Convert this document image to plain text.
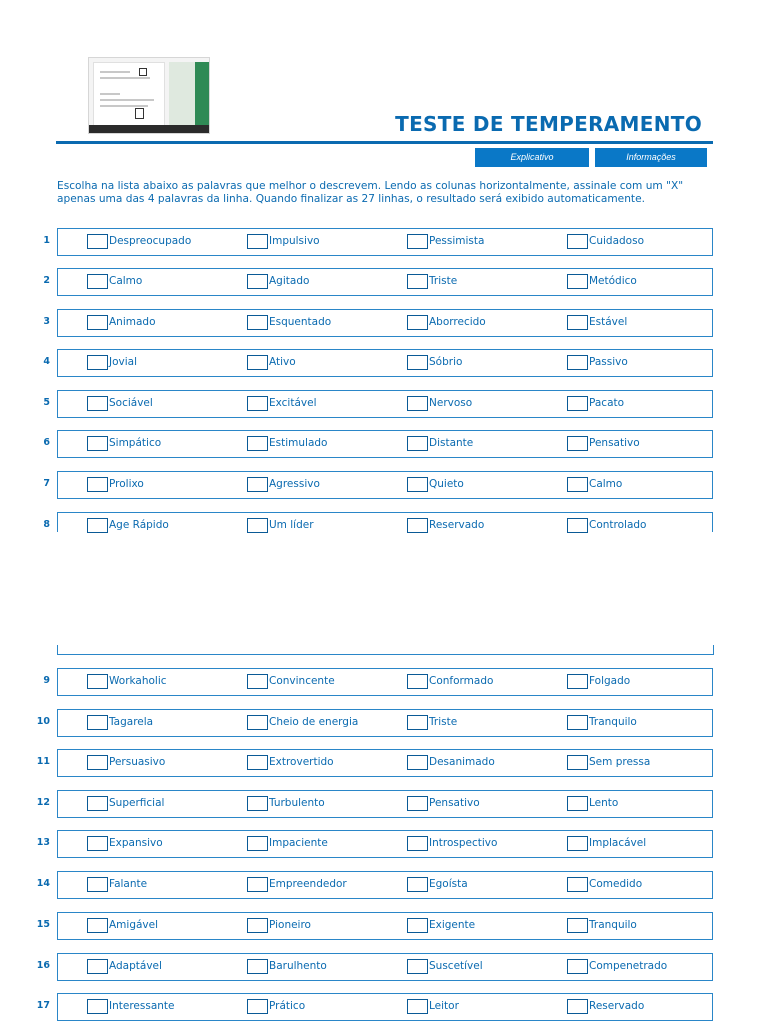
TESTE DE TEMPERAMENTO
Explicativo	Informações
Escolha na lista abaixo as palavras que melhor o descrevem. Lendo as colunas horizontalmente, assinale com um "X" apenas uma das 4 palavras da linha. Quando finalizar as 27 linhas, o resultado será exibido automaticamente.
1	Despreocupado	Impulsivo	Pessimista	Cuidadoso
2	Calmo	Agitado	Triste	Metódico
3	Animado	Esquentado	Aborrecido	Estável
4	Jovial	Ativo	Sóbrio	Passivo
5	Sociável	Excitável	Nervoso	Pacato
6	Simpático	Estimulado	Distante	Pensativo
7	Prolixo	Agressivo	Quieto	Calmo
8	Age Rápido	Um líder	Reservado	Controlado
9	Workaholic	Convincente	Conformado	Folgado
10	Tagarela	Cheio de energia	Triste	Tranquilo
11	Persuasivo	Extrovertido	Desanimado	Sem pressa
12	Superficial	Turbulento	Pensativo	Lento
13	Expansivo	Impaciente	Introspectivo	Implacável
14	Falante	Empreendedor	Egoísta	Comedido
15	Amigável	Pioneiro	Exigente	Tranquilo
16	Adaptável	Barulhento	Suscetível	Compenetrado
17	Interessante	Prático	Leitor	Reservado
